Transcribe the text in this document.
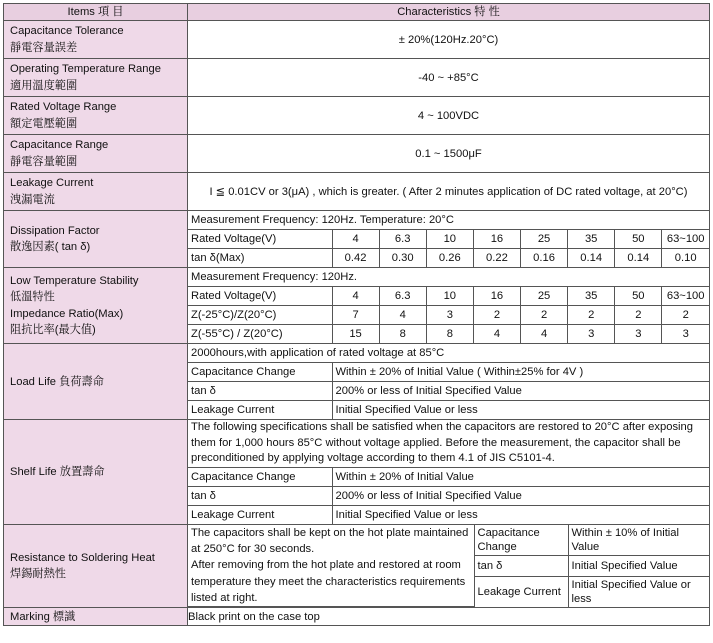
Items 項 目	Characteristics 特 性

Capacitance Tolerance
靜電容量誤差
	± 20%(120Hz.20°C)

Operating Temperature Range
適用溫度範圍
	-40 ~ +85°C

Rated Voltage Range
額定電壓範圍
	4 ~ 100VDC

Capacitance Range
靜電容量範圍
	0.1 ~ 1500μF

Leakage Current
洩漏電流
	I ≦ 0.01CV or 3(μA) , which is greater. ( After 2 minutes application of DC rated voltage, at 20°C)

Dissipation Factor
散逸因素( tan δ)

Measurement Frequency: 120Hz. Temperature: 20°C
Rated Voltage(V)	4	6.3	10	16	25	35	50	63~100
tan δ(Max)	0.42	0.30	0.26	0.22	0.16	0.14	0.14	0.10

Low Temperature Stability
低溫特性
Impedance Ratio(Max)
阻抗比率(最大值)

Measurement Frequency: 120Hz.
Rated Voltage(V)	4	6.3	10	16	25	35	50	63~100
Z(-25°C)/Z(20°C)	7	4	3	2	2	2	2	2
Z(-55°C) / Z(20°C)	15	8	8	4	4	3	3	3

Load Life 負荷壽命	
2000hours,with application of rated voltage at 85°C
Capacitance Change	Within ± 20% of Initial Value ( Within±25% for 4V )
tan δ	200% or less of Initial Specified Value
Leakage Current	Initial Specified Value or less

Shelf Life 放置壽命	
The following specifications shall be satisfied when the capacitors are restored to 20°C after exposing them for 1,000 hours 85°C without voltage applied. Before the measurement, the capacitor shall be preconditioned by applying voltage according to them 4.1 of JIS C5101-4.
Capacitance Change	Within ± 20% of Initial Value
tan δ	200% or less of Initial Specified Value
Leakage Current	Initial Specified Value or less

Resistance to Soldering Heat
焊錫耐熱性

The capacitors shall be kept on the hot plate maintained at 250°C for 30 seconds.
After removing from the hot plate and restored at room temperature they meet the characteristics requirements listed at right.
	Capacitance Change	Within ± 10% of Initial Value
tan δ	Initial Specified Value
Leakage Current	Initial Specified Value or less

Marking 標識	Black print on the case top
